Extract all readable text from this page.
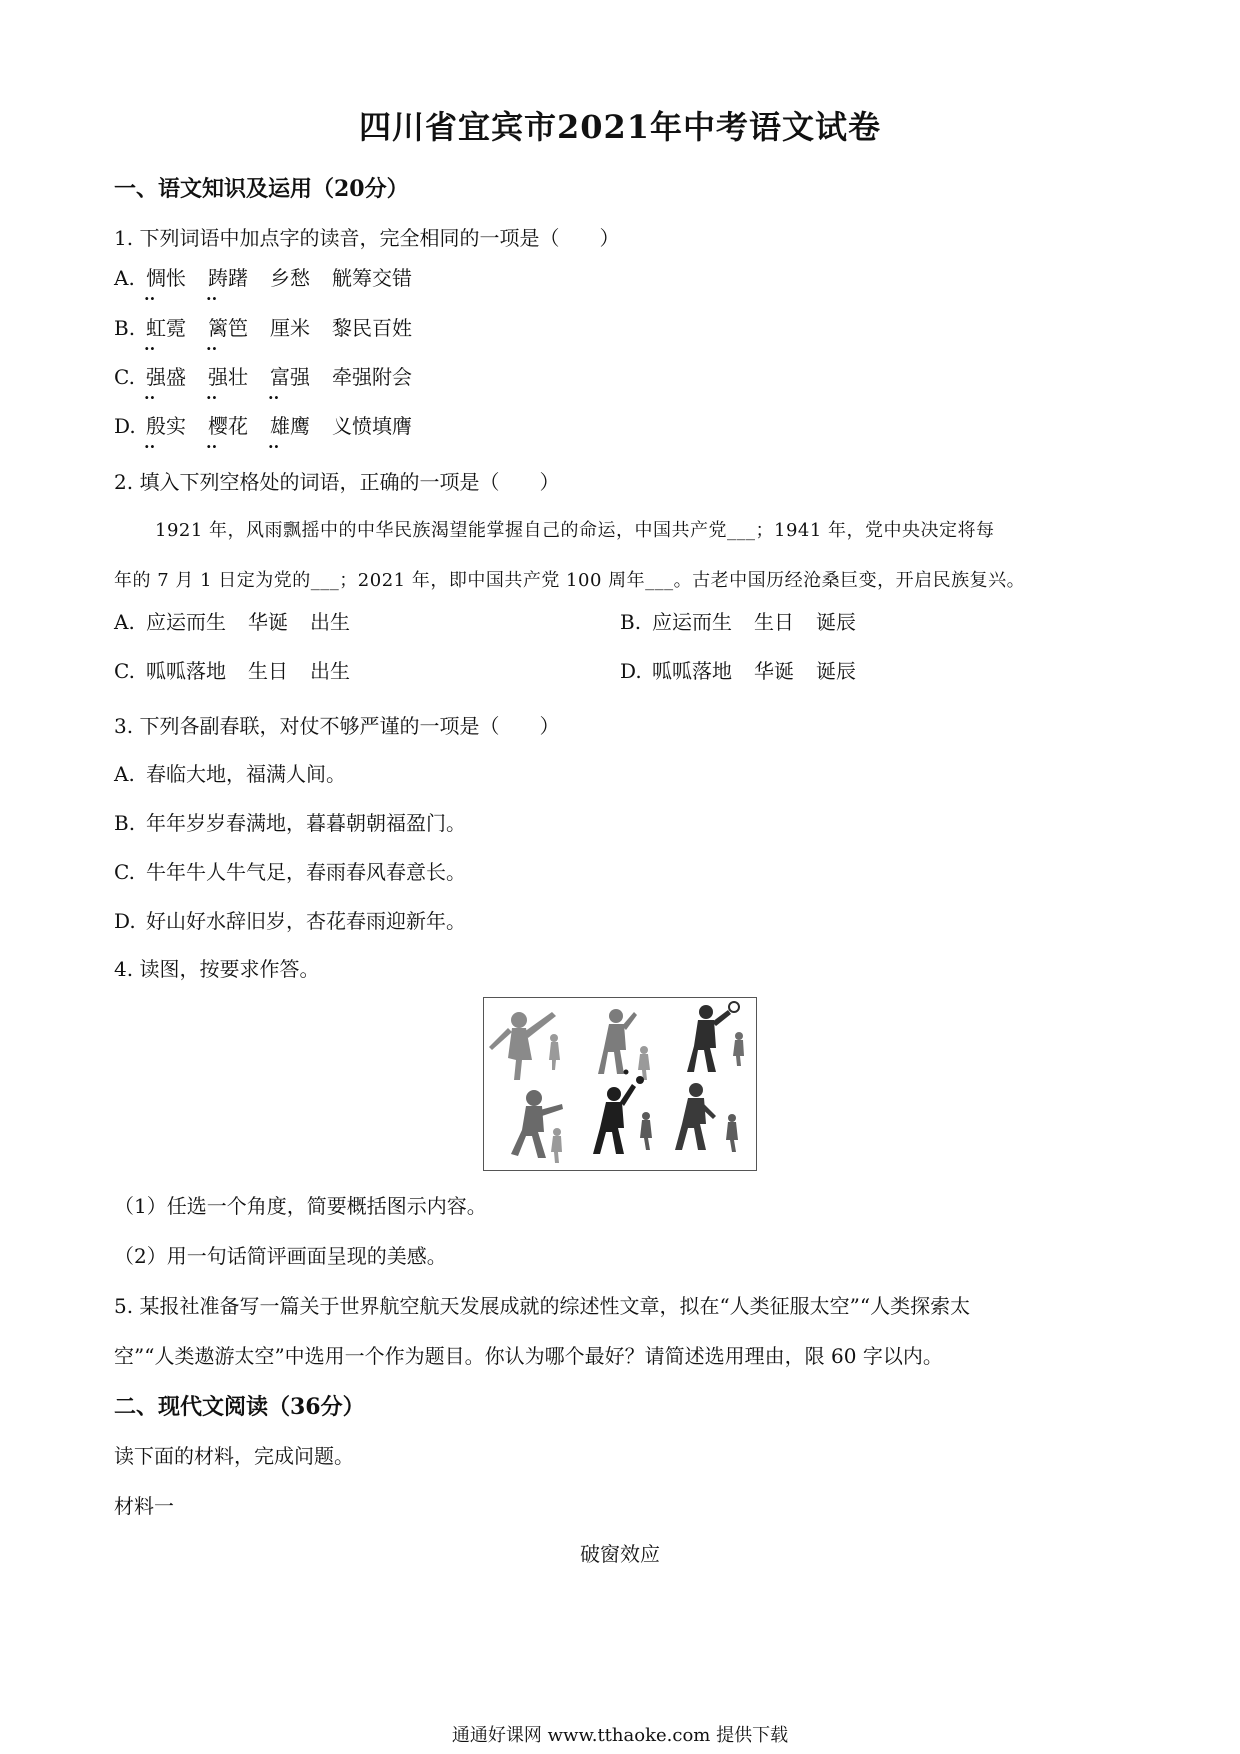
四川省宜宾市2021年中考语文试卷
一、语文知识及运用（20分）
1. 下列词语中加点字的读音，完全相同的一项是（　　）
A. 惆怅 ·· 踌躇 ·· 乡愁 觥筹交错
B. 虹霓 ·· 篱笆 ·· 厘米 黎民百姓
C. 强盛 ·· 强壮 ·· 富强 ·· 牵强附会
D. 殷实 ·· 樱花 ·· 雄鹰 ·· 义愤填膺
2. 填入下列空格处的词语，正确的一项是（　　）
1921 年，风雨飘摇中的中华民族渴望能掌握自己的命运，中国共产党___；1941 年，党中央决定将每
年的 7 月 1 日定为党的___；2021 年，即中国共产党 100 周年___。古老中国历经沧桑巨变，开启民族复兴。
A. 应运而生 华诞 出生	B. 应运而生 生日 诞辰
C. 呱呱落地 生日 出生	D. 呱呱落地 华诞 诞辰
3. 下列各副春联，对仗不够严谨的一项是（　　）
A. 春临大地，福满人间。
B. 年年岁岁春满地，暮暮朝朝福盈门。
C. 牛年牛人牛气足，春雨春风春意长。
D. 好山好水辞旧岁，杏花春雨迎新年。
4. 读图，按要求作答。
（1）任选一个角度，简要概括图示内容。
（2）用一句话简评画面呈现的美感。
5. 某报社准备写一篇关于世界航空航天发展成就的综述性文章，拟在“人类征服太空”“人类探索太
空”“人类遨游太空”中选用一个作为题目。你认为哪个最好？请简述选用理由，限 60 字以内。
二、现代文阅读（36分）
读下面的材料，完成问题。
材料一
破窗效应
通通好课网 www.tthaoke.com 提供下载
